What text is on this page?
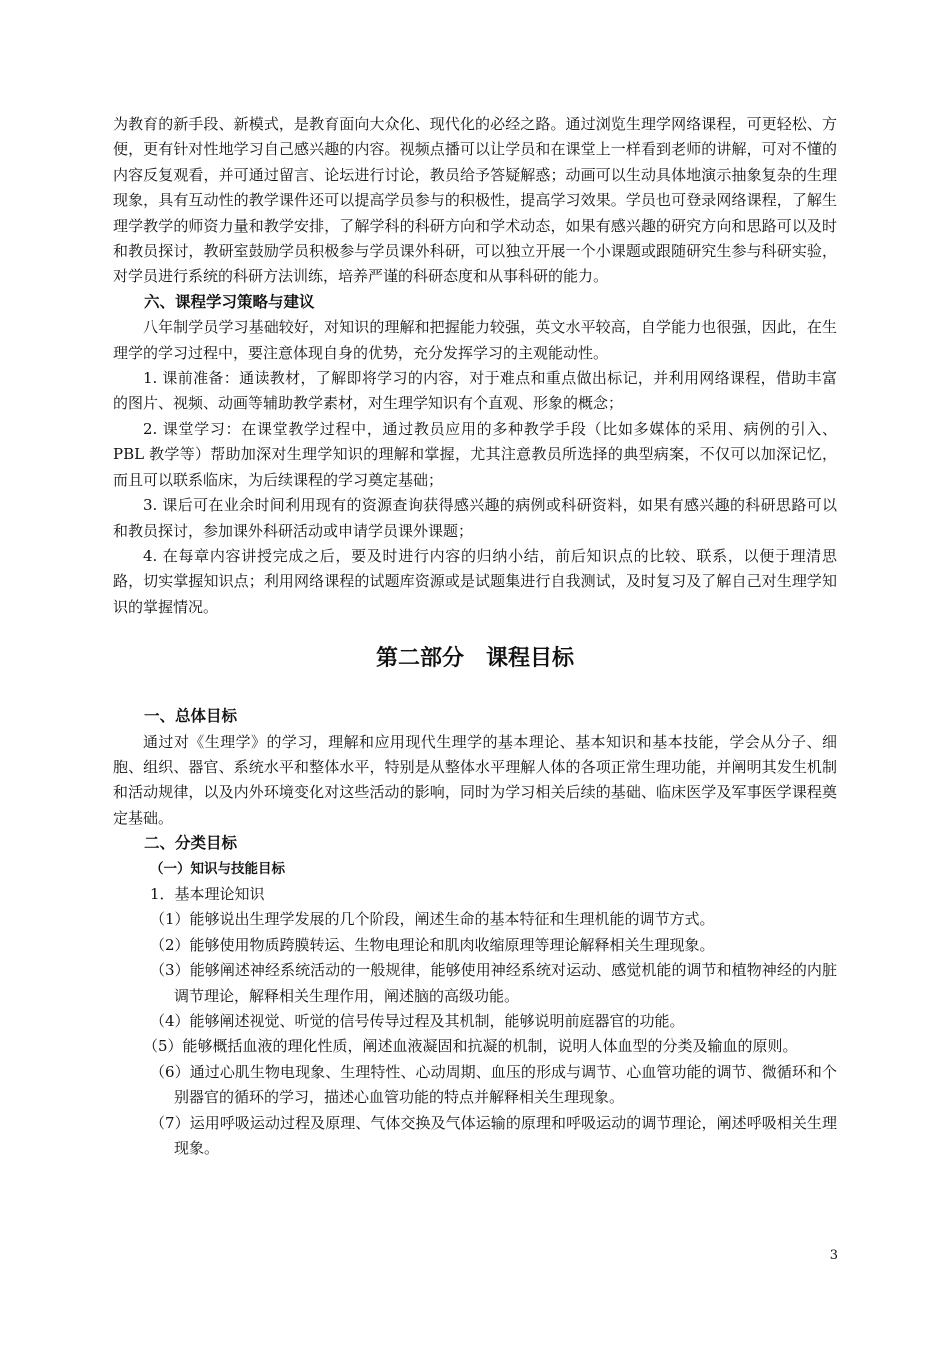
为教育的新手段、新模式，是教育面向大众化、现代化的必经之路。通过浏览生理学网络课程，可更轻松、方便，更有针对性地学习自己感兴趣的内容。视频点播可以让学员和在课堂上一样看到老师的讲解，可对不懂的内容反复观看，并可通过留言、论坛进行讨论，教员给予答疑解惑；动画可以生动具体地演示抽象复杂的生理现象，具有互动性的教学课件还可以提高学员参与的积极性，提高学习效果。学员也可登录网络课程，了解生理学教学的师资力量和教学安排，了解学科的科研方向和学术动态，如果有感兴趣的研究方向和思路可以及时和教员探讨，教研室鼓励学员积极参与学员课外科研，可以独立开展一个小课题或跟随研究生参与科研实验，对学员进行系统的科研方法训练，培养严谨的科研态度和从事科研的能力。

六、课程学习策略与建议

八年制学员学习基础较好，对知识的理解和把握能力较强，英文水平较高，自学能力也很强，因此，在生理学的学习过程中，要注意体现自身的优势，充分发挥学习的主观能动性。

1. 课前准备：通读教材，了解即将学习的内容，对于难点和重点做出标记，并利用网络课程，借助丰富的图片、视频、动画等辅助教学素材，对生理学知识有个直观、形象的概念；

2. 课堂学习：在课堂教学过程中，通过教员应用的多种教学手段（比如多媒体的采用、病例的引入、PBL 教学等）帮助加深对生理学知识的理解和掌握，尤其注意教员所选择的典型病案，不仅可以加深记忆，而且可以联系临床，为后续课程的学习奠定基础；

3. 课后可在业余时间利用现有的资源查询获得感兴趣的病例或科研资料，如果有感兴趣的科研思路可以和教员探讨，参加课外科研活动或申请学员课外课题；

4. 在每章内容讲授完成之后，要及时进行内容的归纳小结，前后知识点的比较、联系，以便于理清思路，切实掌握知识点；利用网络课程的试题库资源或是试题集进行自我测试，及时复习及了解自己对生理学知识的掌握情况。

第二部分　课程目标

一、总体目标

通过对《生理学》的学习，理解和应用现代生理学的基本理论、基本知识和基本技能，学会从分子、细胞、组织、器官、系统水平和整体水平，特别是从整体水平理解人体的各项正常生理功能，并阐明其发生机制和活动规律，以及内外环境变化对这些活动的影响，同时为学习相关后续的基础、临床医学及军事医学课程奠定基础。

二、分类目标

（一）知识与技能目标

1．基本理论知识

（1）能够说出生理学发展的几个阶段，阐述生命的基本特征和生理机能的调节方式。

（2）能够使用物质跨膜转运、生物电理论和肌肉收缩原理等理论解释相关生理现象。

（3）能够阐述神经系统活动的一般规律，能够使用神经系统对运动、感觉机能的调节和植物神经的内脏调节理论，解释相关生理作用，阐述脑的高级功能。

（4）能够阐述视觉、听觉的信号传导过程及其机制，能够说明前庭器官的功能。

（5）能够概括血液的理化性质，阐述血液凝固和抗凝的机制，说明人体血型的分类及输血的原则。

（6）通过心肌生物电现象、生理特性、心动周期、血压的形成与调节、心血管功能的调节、微循环和个别器官的循环的学习，描述心血管功能的特点并解释相关生理现象。

（7）运用呼吸运动过程及原理、气体交换及气体运输的原理和呼吸运动的调节理论，阐述呼吸相关生理现象。

3
